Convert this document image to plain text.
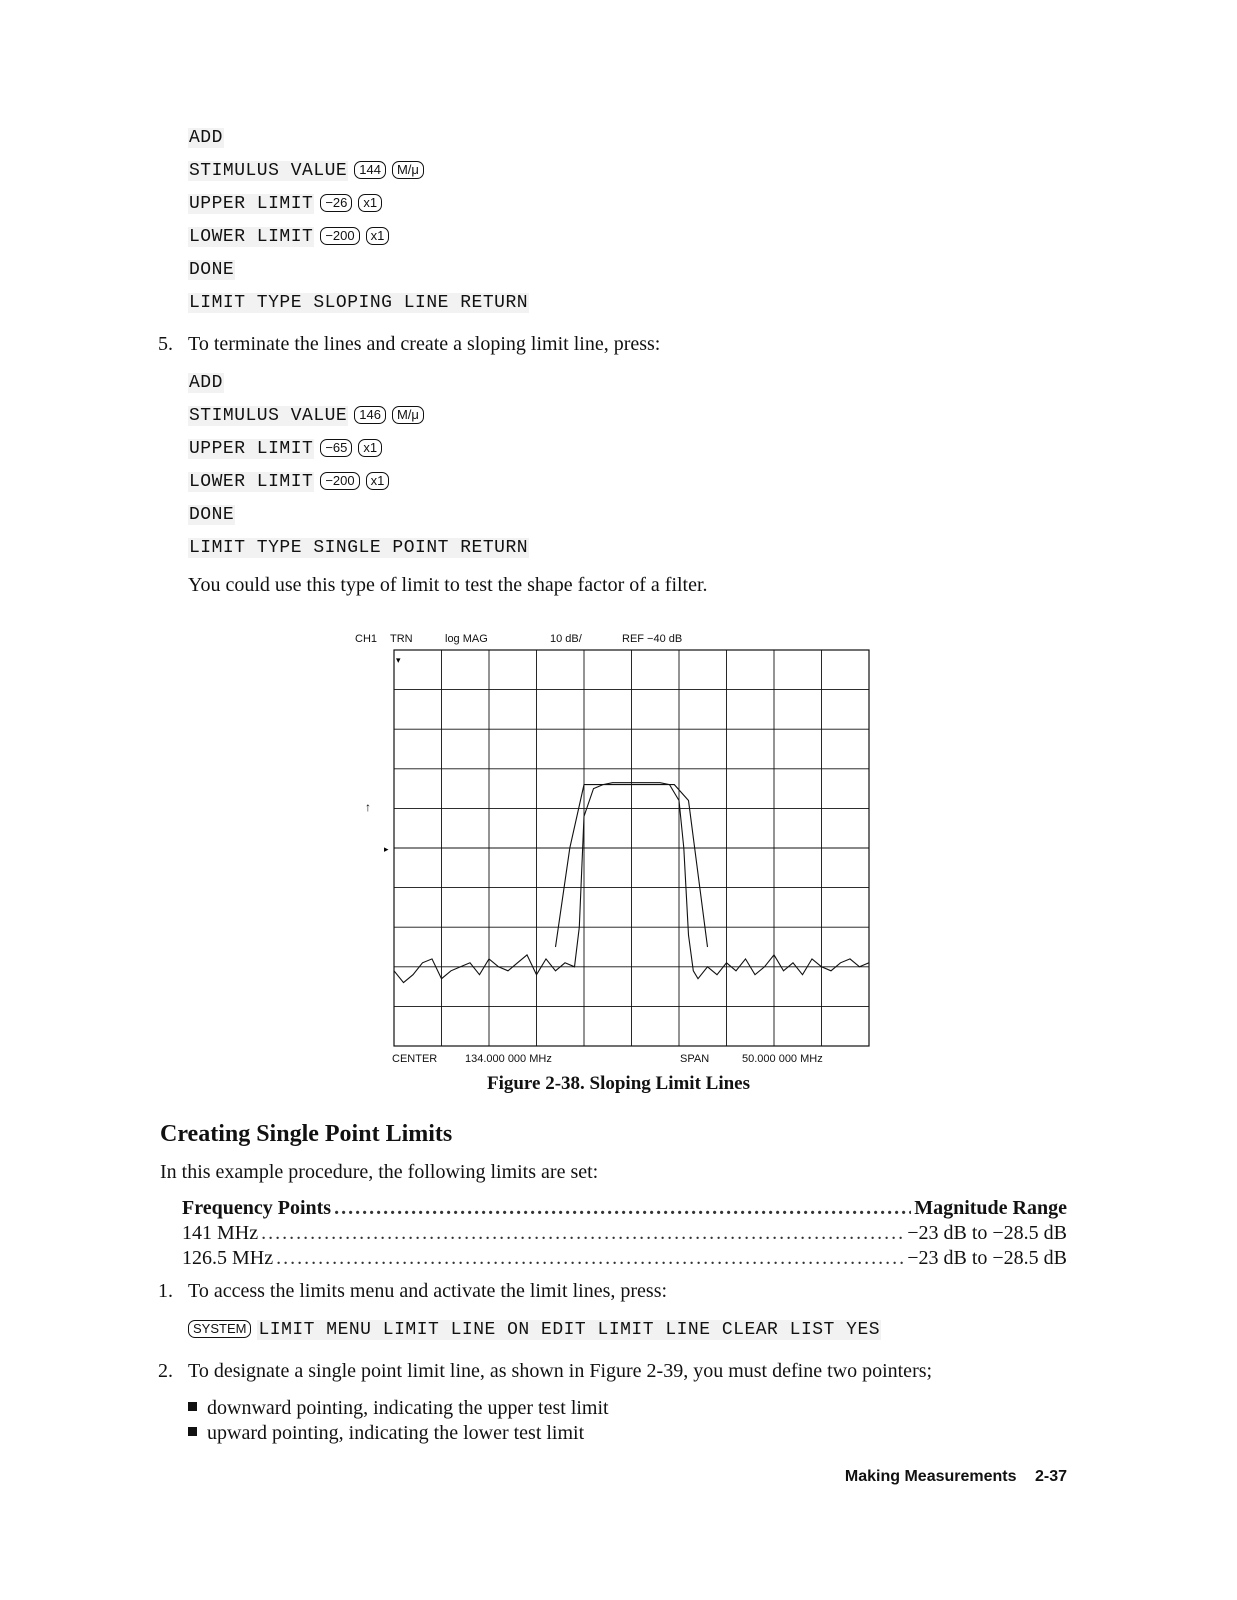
ADD
STIMULUS VALUE 144 M/μ
UPPER LIMIT −26 x1
LOWER LIMIT −200 x1
DONE
LIMIT TYPE SLOPING LINE RETURN
5. To terminate the lines and create a sloping limit line, press:
ADD
STIMULUS VALUE 146 M/μ
UPPER LIMIT −65 x1
LOWER LIMIT −200 x1
DONE
LIMIT TYPE SINGLE POINT RETURN
You could use this type of limit to test the shape factor of a filter.
CH1 TRN	log MAG	10 dB/	REF −40 dB
↑
▸
▾
CENTER	134.000 000 MHz	SPAN	50.000 000 MHz
Figure 2-38. Sloping Limit Lines
Creating Single Point Limits
In this example procedure, the following limits are set:
Frequency Points .....	Magnitude Range
141 MHz .....	−23 dB to −28.5 dB
126.5 MHz .....	−23 dB to −28.5 dB
1. To access the limits menu and activate the limit lines, press:
SYSTEM LIMIT MENU LIMIT LINE ON EDIT LIMIT LINE CLEAR LIST YES
2. To designate a single point limit line, as shown in Figure 2-39, you must define two pointers;
downward pointing, indicating the upper test limit
upward pointing, indicating the lower test limit
Making Measurements 2-37
